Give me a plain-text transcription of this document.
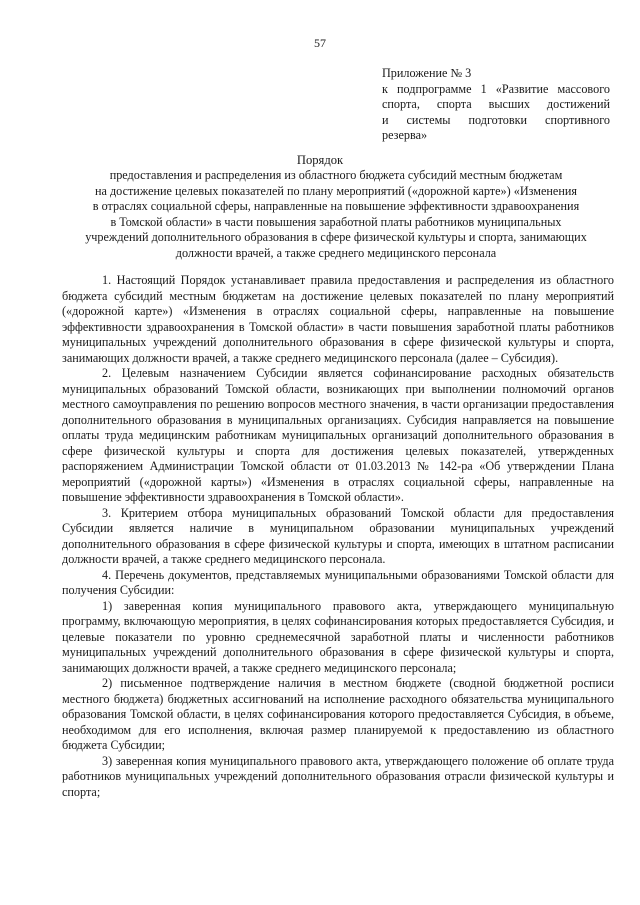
57
Приложение № 3
к подпрограмме 1 «Развитие массового
спорта, спорта высших достижений
и системы подготовки спортивного
резерва»
Порядок
предоставления и распределения из областного бюджета субсидий местным бюджетам
на достижение целевых показателей по плану мероприятий («дорожной карте») «Изменения
в отраслях социальной сферы, направленные на повышение эффективности здравоохранения
в Томской области» в части повышения заработной платы работников муниципальных
учреждений дополнительного образования в сфере физической культуры и спорта, занимающих
должности врачей, а также среднего медицинского персонала

1. Настоящий Порядок устанавливает правила предоставления и распределения из областного бюджета субсидий местным бюджетам на достижение целевых показателей по плану мероприятий («дорожной карте») «Изменения в отраслях социальной сферы, направленные на повышение эффективности здравоохранения в Томской области» в части повышения заработной платы работников муниципальных учреждений дополнительного образования в сфере физической культуры и спорта, занимающих должности врачей, а также среднего медицинского персонала (далее – Субсидия).

2. Целевым назначением Субсидии является софинансирование расходных обязательств муниципальных образований Томской области, возникающих при выполнении полномочий органов местного самоуправления по решению вопросов местного значения, в части организации предоставления дополнительного образования в муниципальных организациях. Субсидия направляется на повышение оплаты труда медицинским работникам муниципальных организаций дополнительного образования в сфере физической культуры и спорта для достижения целевых показателей, утвержденных распоряжением Администрации Томской области от 01.03.2013 № 142-ра «Об утверждении Плана мероприятий («дорожной карты») «Изменения в отраслях социальной сферы, направленные на повышение эффективности здравоохранения в Томской области».

3. Критерием отбора муниципальных образований Томской области для предоставления Субсидии является наличие в муниципальном образовании муниципальных учреждений дополнительного образования в сфере физической культуры и спорта, имеющих в штатном расписании должности врачей, а также среднего медицинского персонала.

4. Перечень документов, представляемых муниципальными образованиями Томской области для получения Субсидии:

1) заверенная копия муниципального правового акта, утверждающего муниципальную программу, включающую мероприятия, в целях софинансирования которых предоставляется Субсидия, и целевые показатели по уровню среднемесячной заработной платы и численности работников муниципальных учреждений дополнительного образования в сфере физической культуры и спорта, занимающих должности врачей, а также среднего медицинского персонала;

2) письменное подтверждение наличия в местном бюджете (сводной бюджетной росписи местного бюджета) бюджетных ассигнований на исполнение расходного обязательства муниципального образования Томской области, в целях софинансирования которого предоставляется Субсидия, в объеме, необходимом для его исполнения, включая размер планируемой к предоставлению из областного бюджета Субсидии;

3) заверенная копия муниципального правового акта, утверждающего положение об оплате труда работников муниципальных учреждений дополнительного образования отрасли физической культуры и спорта;
